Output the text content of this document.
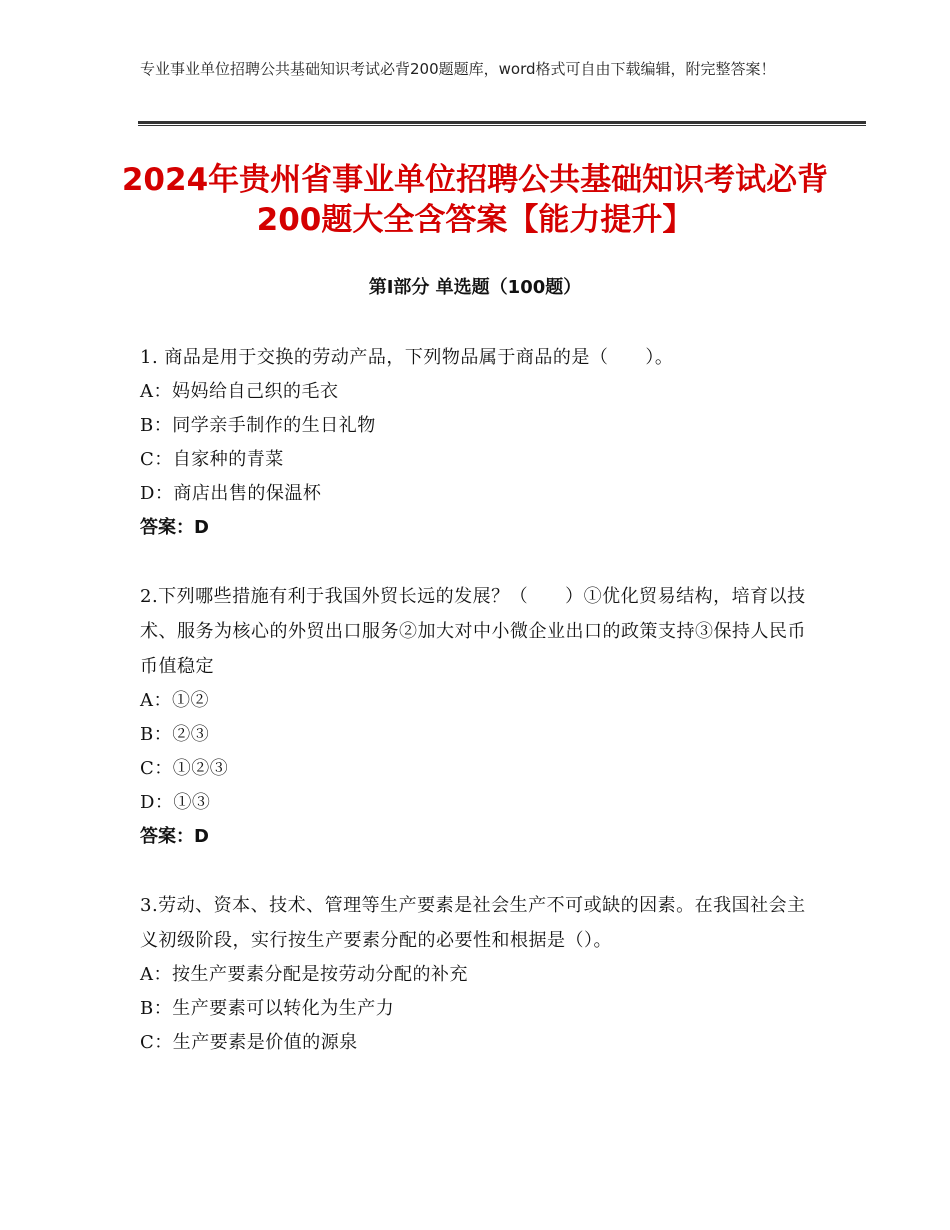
专业事业单位招聘公共基础知识考试必背200题题库，word格式可自由下载编辑，附完整答案！
2024年贵州省事业单位招聘公共基础知识考试必背200题大全含答案【能力提升】
第Ⅰ部分 单选题（100题）
1. 商品是用于交换的劳动产品，下列物品属于商品的是（　　）。
A：妈妈给自己织的毛衣
B：同学亲手制作的生日礼物
C：自家种的青菜
D：商店出售的保温杯
答案：D
2.下列哪些措施有利于我国外贸长远的发展？（　　）①优化贸易结构，培育以技术、服务为核心的外贸出口服务②加大对中小微企业出口的政策支持③保持人民币币值稳定
A：①②
B：②③
C：①②③
D：①③
答案：D
3.劳动、资本、技术、管理等生产要素是社会生产不可或缺的因素。在我国社会主义初级阶段，实行按生产要素分配的必要性和根据是（）。
A：按生产要素分配是按劳动分配的补充
B：生产要素可以转化为生产力
C：生产要素是价值的源泉
